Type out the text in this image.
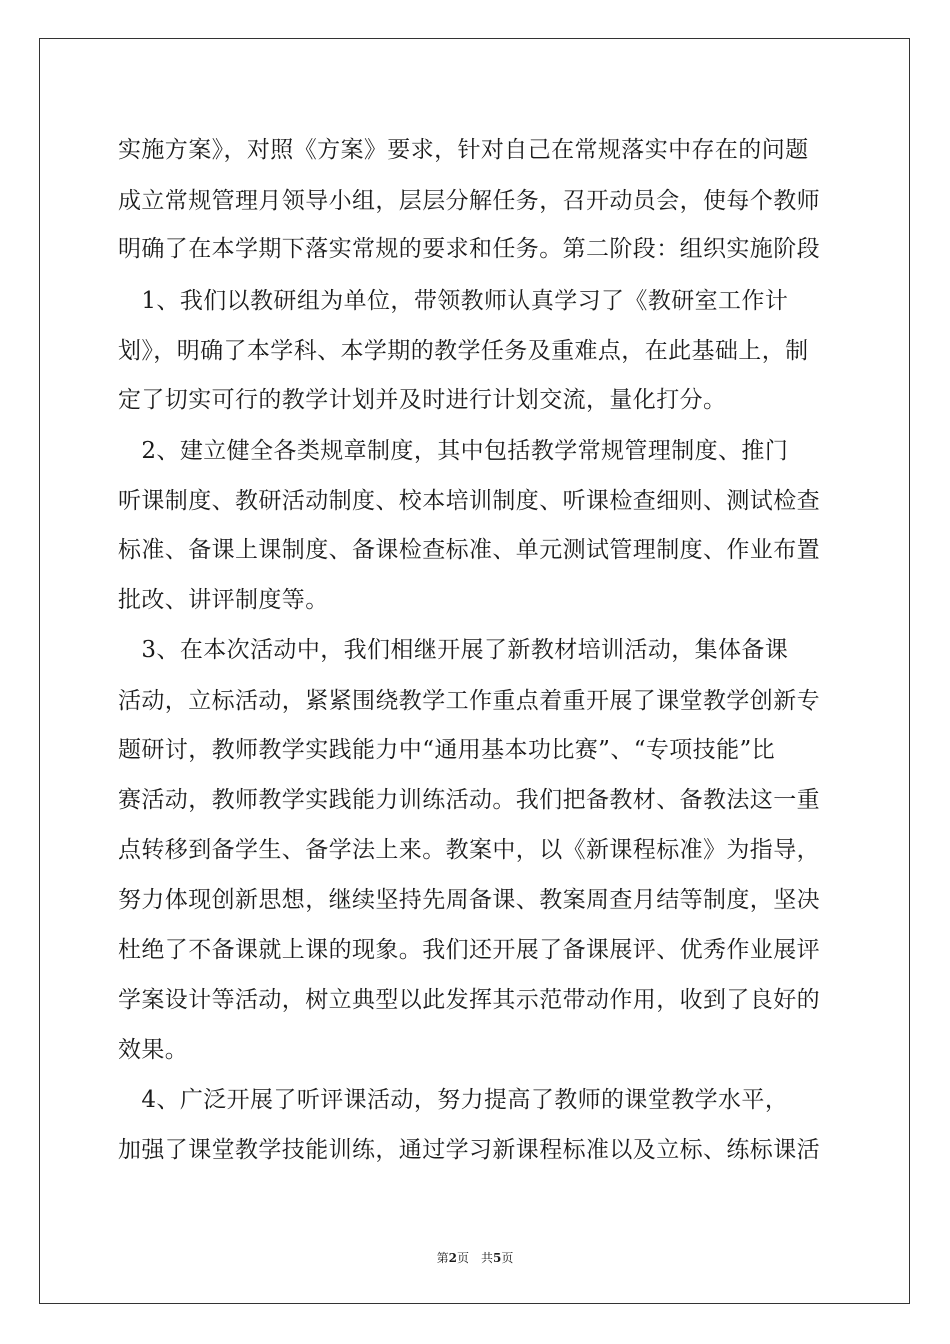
实施方案》，对照《方案》要求，针对自己在常规落实中存在的问题
成立常规管理月领导小组，层层分解任务，召开动员会，使每个教师
明确了在本学期下落实常规的要求和任务。第二阶段：组织实施阶段
　1、我们以教研组为单位，带领教师认真学习了《教研室工作计
划》，明确了本学科、本学期的教学任务及重难点，在此基础上，制
定了切实可行的教学计划并及时进行计划交流，量化打分。
　2、建立健全各类规章制度，其中包括教学常规管理制度、推门
听课制度、教研活动制度、校本培训制度、听课检查细则、测试检查
标准、备课上课制度、备课检查标准、单元测试管理制度、作业布置
批改、讲评制度等。
　3、在本次活动中，我们相继开展了新教材培训活动，集体备课
活动，立标活动，紧紧围绕教学工作重点着重开展了课堂教学创新专
题研讨，教师教学实践能力中“通用基本功比赛”、“专项技能”比
赛活动，教师教学实践能力训练活动。我们把备教材、备教法这一重
点转移到备学生、备学法上来。教案中，以《新课程标准》为指导，
努力体现创新思想，继续坚持先周备课、教案周查月结等制度，坚决
杜绝了不备课就上课的现象。我们还开展了备课展评、优秀作业展评
学案设计等活动，树立典型以此发挥其示范带动作用，收到了良好的
效果。
　4、广泛开展了听评课活动，努力提高了教师的课堂教学水平，
加强了课堂教学技能训练，通过学习新课程标准以及立标、练标课活
第2页 共5页
